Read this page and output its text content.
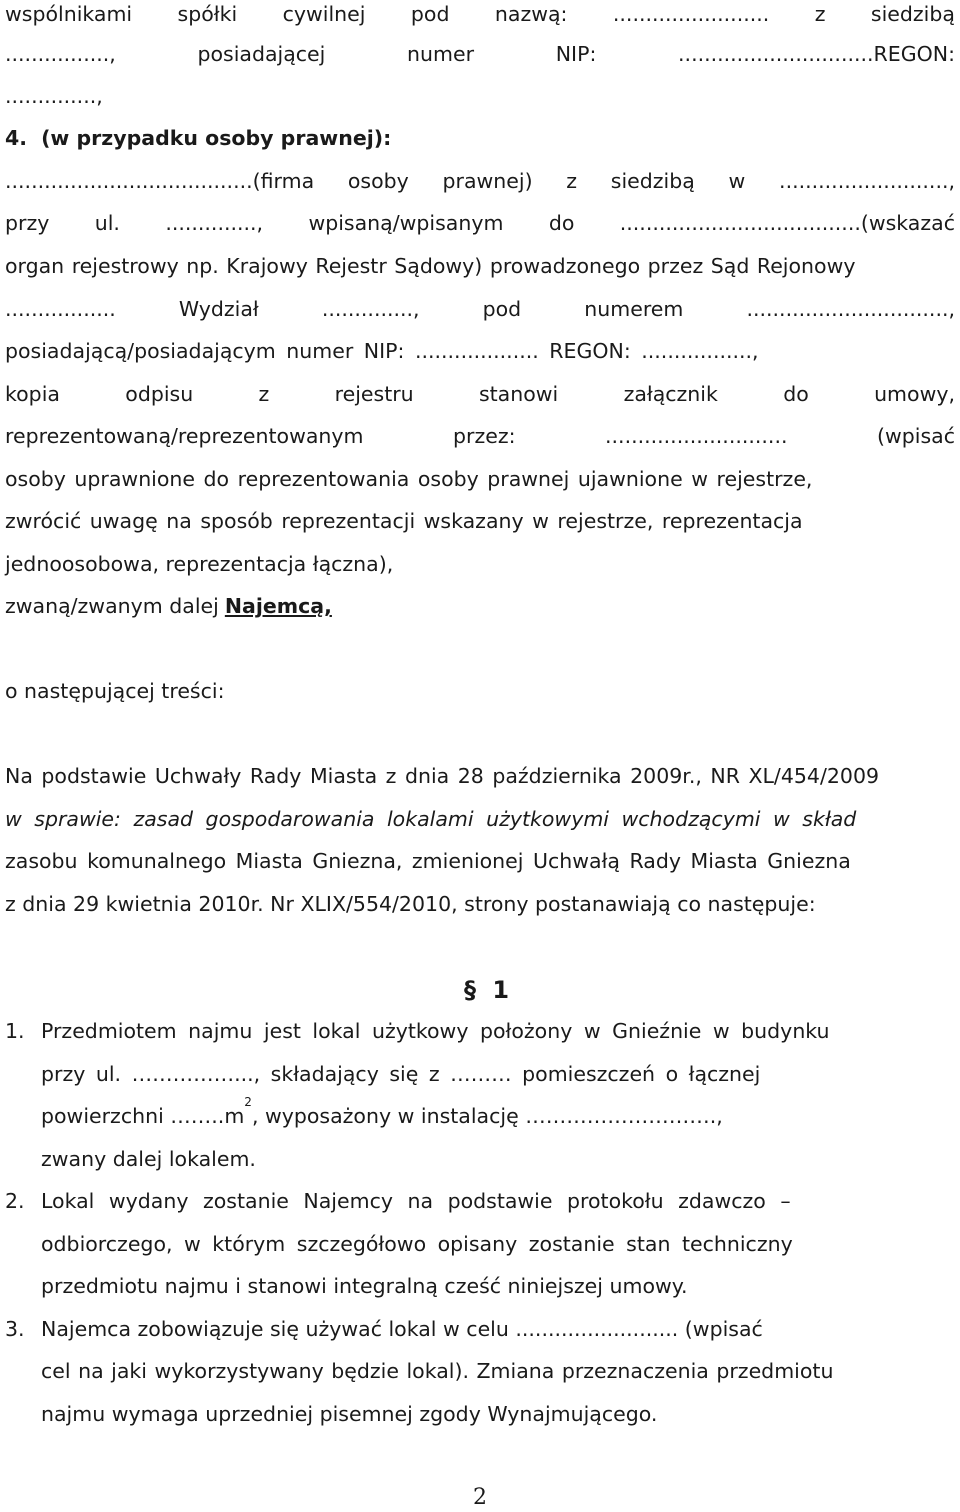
wspólnikami spółki cywilnej pod nazwą: ........................ z siedzibą
................,	posiadającej	numer	NIP:	..............................REGON:
..............,
4. (w przypadku osoby prawnej):
......................................(firma osoby prawnej) z siedzibą w ..........................,
przy ul. .............., wpisaną/wpisanym do .....................................(wskazać
organ rejestrowy np. Krajowy Rejestr Sądowy) prowadzonego przez Sąd Rejonowy
.................	Wydział	..............,	pod	numerem	...............................,
posiadającą/posiadającym numer NIP: ................... REGON: .................,
kopia	odpisu	z	rejestru	stanowi	załącznik	do	umowy,
reprezentowaną/reprezentowanym	przez:	............................	(wpisać
osoby uprawnione do reprezentowania osoby prawnej ujawnione w rejestrze,
zwrócić uwagę na sposób reprezentacji wskazany w rejestrze, reprezentacja
jednoosobowa, reprezentacja łączna),
zwaną/zwanym dalej Najemcą,
o następującej treści:
Na podstawie Uchwały Rady Miasta z dnia 28 października 2009r., NR XL/454/2009
w sprawie: zasad gospodarowania lokalami użytkowymi wchodzącymi w skład
zasobu komunalnego Miasta Gniezna, zmienionej Uchwałą Rady Miasta Gniezna
z dnia 29 kwietnia 2010r. Nr XLIX/554/2010, strony postanawiają co następuje:
§ 1
1. Przedmiotem najmu jest lokal użytkowy położony w Gnieźnie w budynku
przy ul. ……………..., składający się z ……… pomieszczeń o łącznej
powierzchni ……..m
2
, wyposażony w instalację ……………………….,
zwany dalej lokalem.
2. Lokal wydany zostanie Najemcy na podstawie protokołu zdawczo –
odbiorczego, w którym szczegółowo opisany zostanie stan techniczny
przedmiotu najmu i stanowi integralną cześć niniejszej umowy.
3. Najemca zobowiązuje się używać lokal w celu ......................... (wpisać
cel na jaki wykorzystywany będzie lokal). Zmiana przeznaczenia przedmiotu
najmu wymaga uprzedniej pisemnej zgody Wynajmującego.
2
